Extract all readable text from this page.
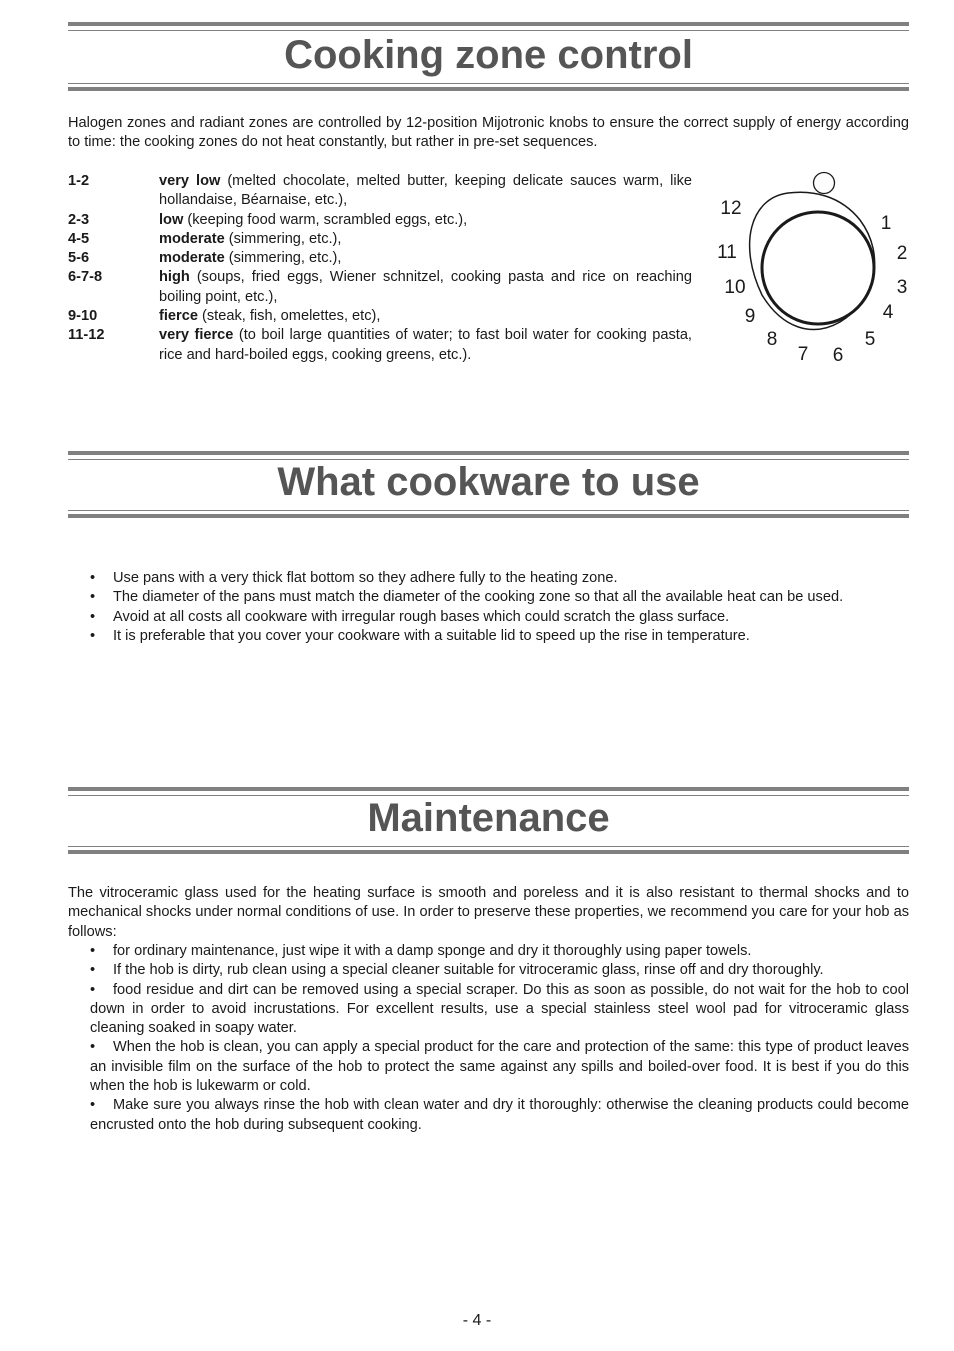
Cooking zone control
Halogen zones and radiant zones are controlled by 12-position Mijotronic knobs to ensure the correct supply of energy according to time: the cooking zones do not heat constantly, but rather in pre-set sequences.
1-2	very low (melted chocolate, melted butter, keeping delicate sauces warm, like hollandaise, Béarnaise, etc.),
2-3	low (keeping food warm, scrambled eggs, etc.),
4-5	moderate (simmering, etc.),
5-6	moderate (simmering, etc.),
6-7-8	high (soups, fried eggs, Wiener schnitzel, cooking pasta and rice on reaching boiling point, etc.),
9-10	fierce (steak, fish, omelettes, etc),
11-12	very fierce (to boil large quantities of water; to fast boil water for cooking pasta, rice and hard-boiled eggs, cooking greens, etc.).
1
2
3
4
5
6
7
8
9
10
11
12
What cookware to use
• Use pans with a very thick flat bottom so they adhere fully to the heating zone.
• The diameter of the pans must match the diameter of the cooking zone so that all the available heat can be used.
• Avoid at all costs all cookware with irregular rough bases which could scratch the glass surface.
• It is preferable that you cover your cookware with a suitable lid to speed up the rise in temperature.
Maintenance
The vitroceramic glass used for the heating surface is smooth and poreless and it is also resistant to thermal shocks and to mechanical shocks under normal conditions of use. In order to preserve these properties, we recommend you care for your hob as follows:
• for ordinary maintenance, just wipe it with a damp sponge and dry it thoroughly using paper towels.
• If the hob is dirty, rub clean using a special cleaner suitable for vitroceramic glass, rinse off and dry thoroughly.
• food residue and dirt can be removed using a special scraper. Do this as soon as possible, do not wait for the hob to cool down in order to avoid incrustations. For excellent results, use a special stainless steel wool pad for vitroceramic glass cleaning soaked in soapy water.
• When the hob is clean, you can apply a special product for the care and protection of the same: this type of product leaves an invisible film on the surface of the hob to protect the same against any spills and boiled-over food. It is best if you do this when the hob is lukewarm or cold.
• Make sure you always rinse the hob with clean water and dry it thoroughly: otherwise the cleaning products could become encrusted onto the hob during subsequent cooking.
- 4 -
